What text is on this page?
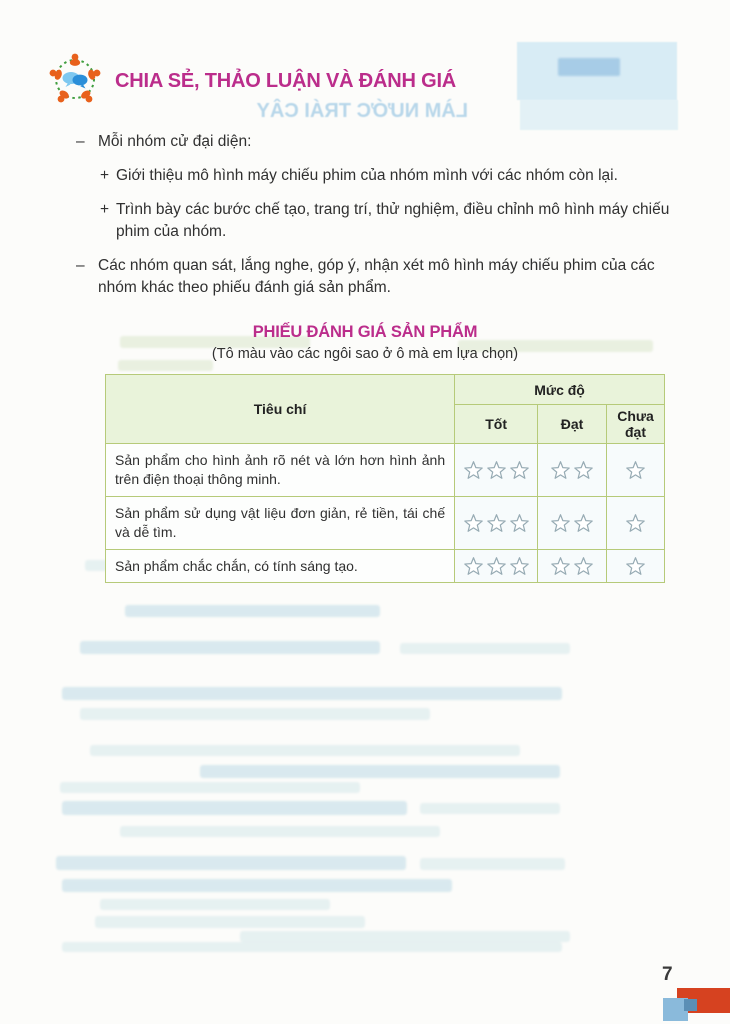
LÀM NƯỚC TRÁI CÂY
CHIA SẺ, THẢO LUẬN VÀ ĐÁNH GIÁ
– Mỗi nhóm cử đại diện:
+ Giới thiệu mô hình máy chiếu phim của nhóm mình với các nhóm còn lại.
+ Trình bày các bước chế tạo, trang trí, thử nghiệm, điều chỉnh mô hình máy chiếu phim của nhóm.
– Các nhóm quan sát, lắng nghe, góp ý, nhận xét mô hình máy chiếu phim của các nhóm khác theo phiếu đánh giá sản phẩm.
PHIẾU ĐÁNH GIÁ SẢN PHẨM
(Tô màu vào các ngôi sao ở ô mà em lựa chọn)
Tiêu chí	Mức độ		
	Tốt	Đạt	Chưa đạt
Sản phẩm cho hình ảnh rõ nét và lớn hơn hình ảnh trên điện thoại thông minh.			
Sản phẩm sử dụng vật liệu đơn giản, rẻ tiền, tái chế và dễ tìm.			
Sản phẩm chắc chắn, có tính sáng tạo.			
7
